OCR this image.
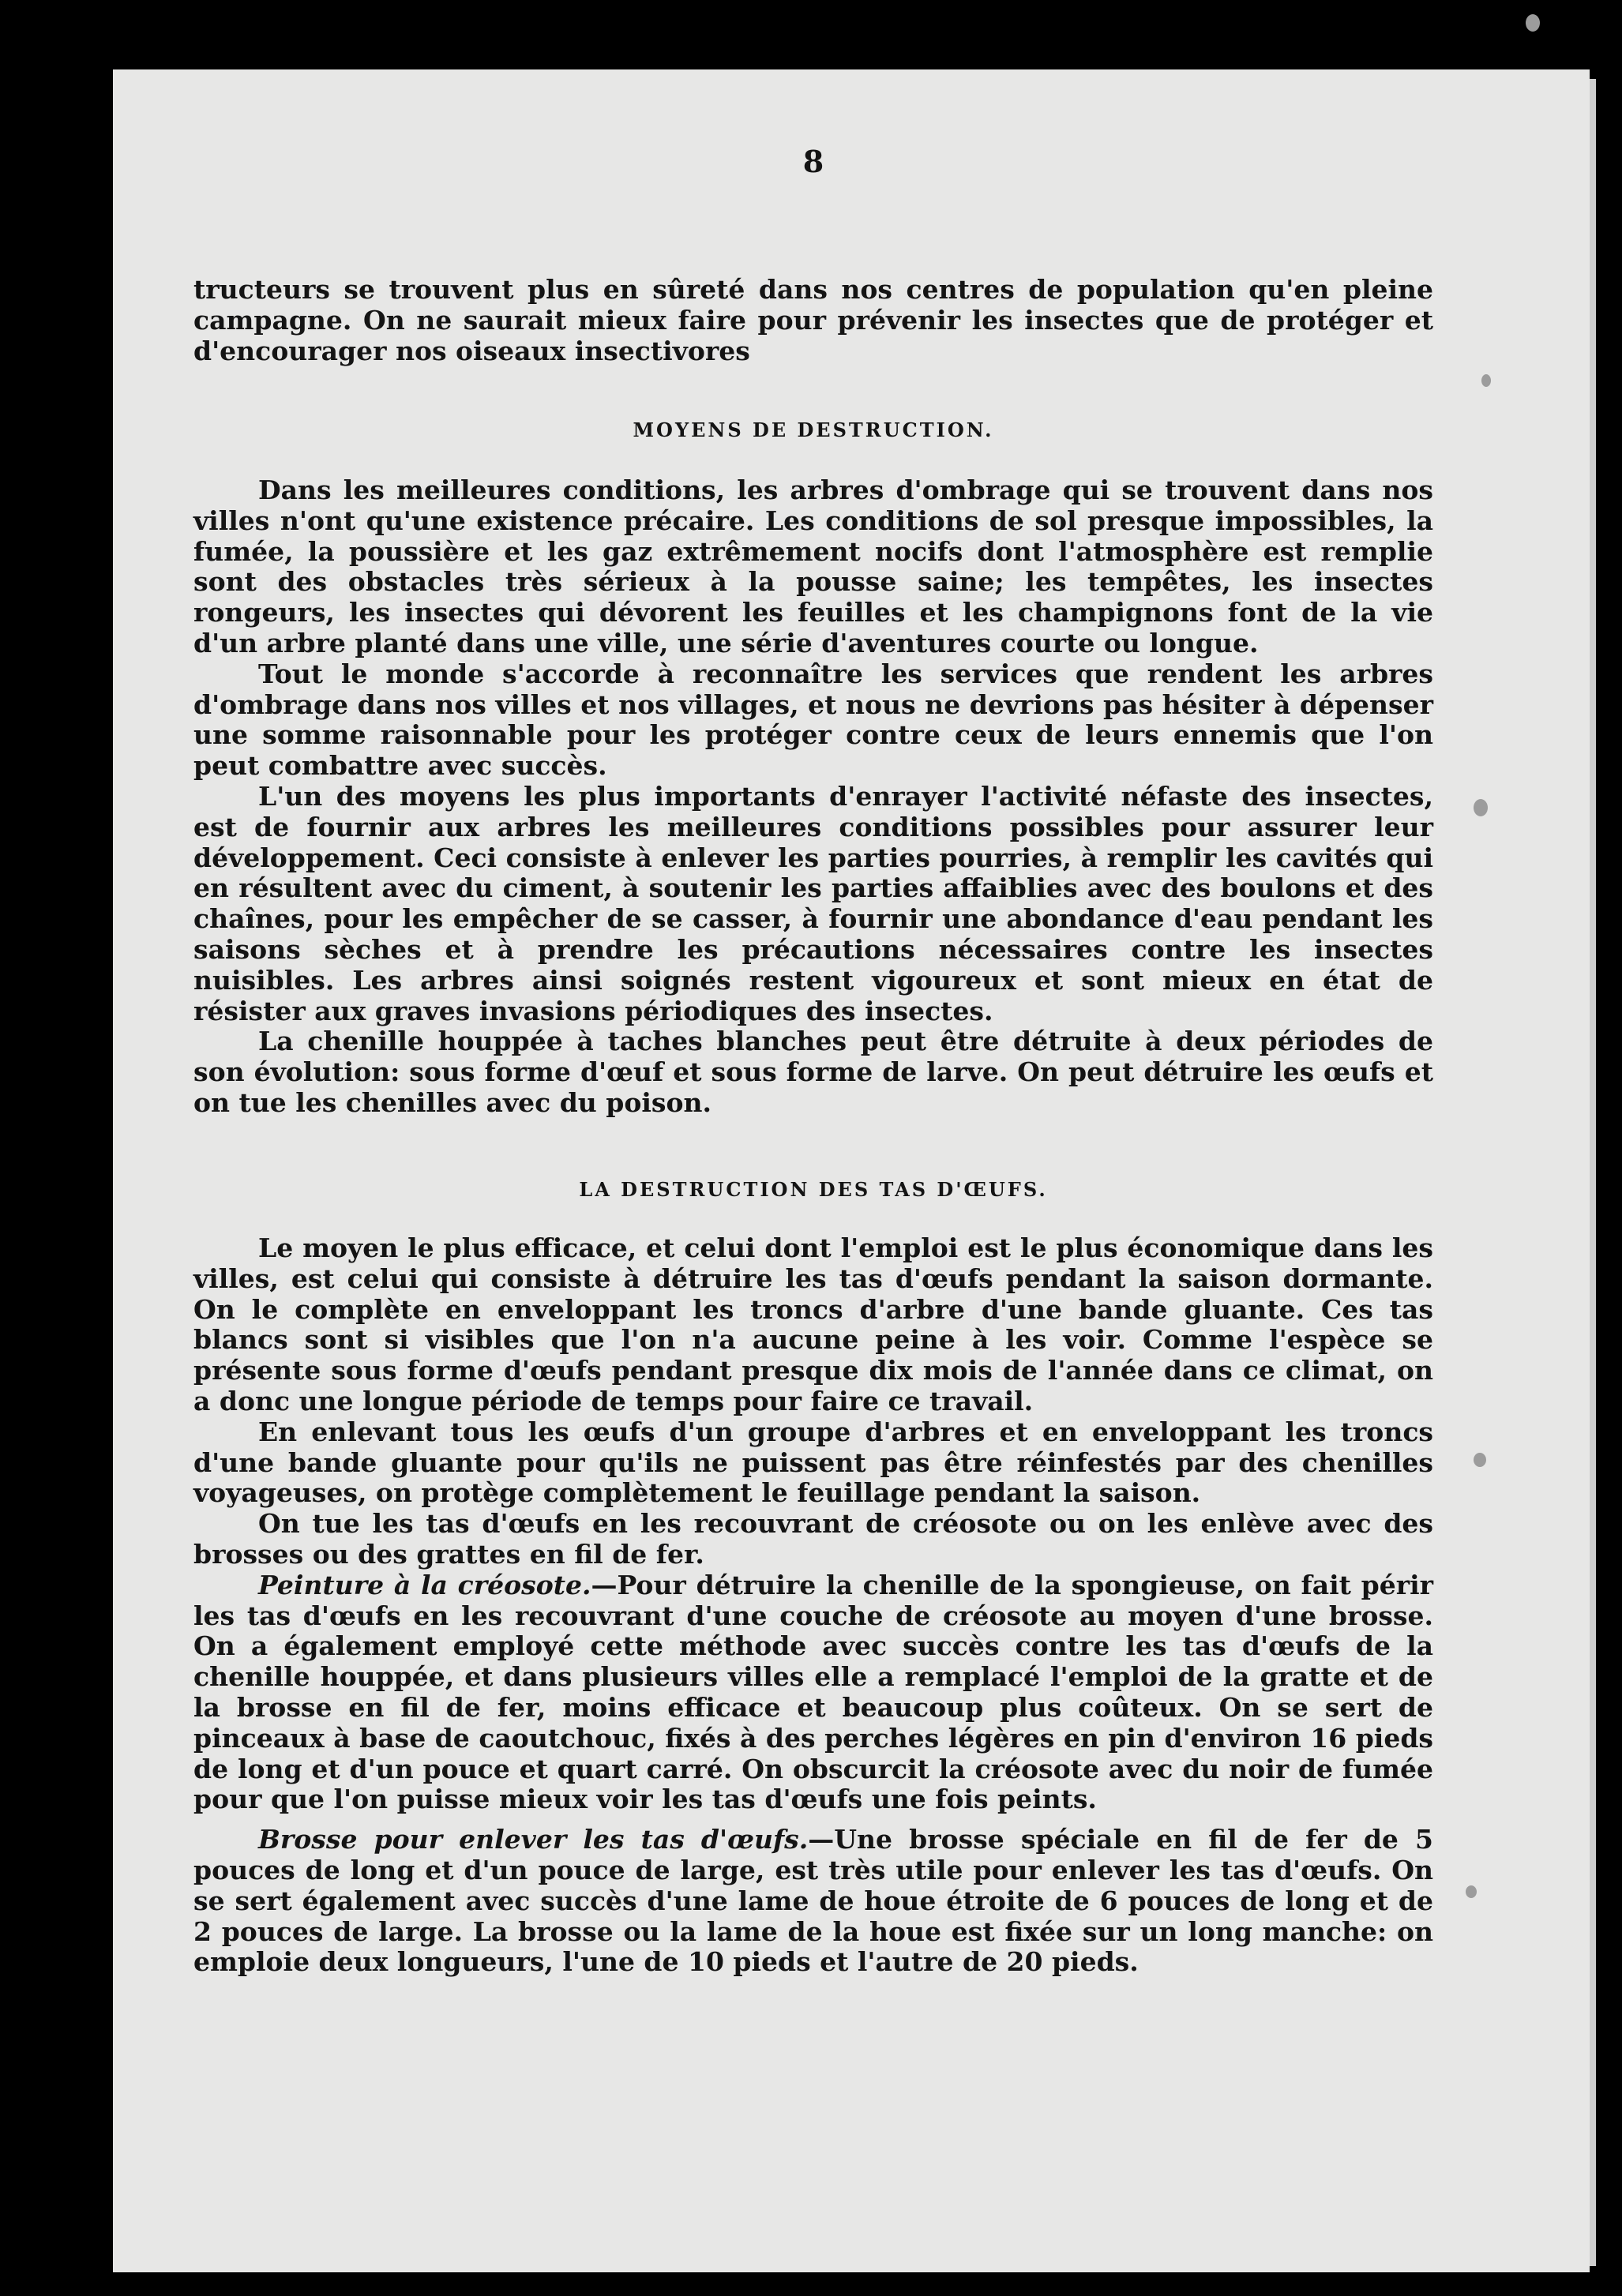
8

tructeurs se trouvent plus en sûreté dans nos centres de population qu'en pleine campagne. On ne saurait mieux faire pour prévenir les insectes que de protéger et d'encourager nos oiseaux insectivores

MOYENS DE DESTRUCTION.

Dans les meilleures conditions, les arbres d'ombrage qui se trouvent dans nos villes n'ont qu'une existence précaire. Les conditions de sol presque impossibles, la fumée, la poussière et les gaz extrêmement nocifs dont l'atmosphère est remplie sont des obstacles très sérieux à la pousse saine; les tempêtes, les insectes rongeurs, les insectes qui dévorent les feuilles et les champignons font de la vie d'un arbre planté dans une ville, une série d'aventures courte ou longue.

Tout le monde s'accorde à reconnaître les services que rendent les arbres d'ombrage dans nos villes et nos villages, et nous ne devrions pas hésiter à dépenser une somme raisonnable pour les protéger contre ceux de leurs ennemis que l'on peut combattre avec succès.

L'un des moyens les plus importants d'enrayer l'activité néfaste des insectes, est de fournir aux arbres les meilleures conditions possibles pour assurer leur développement. Ceci consiste à enlever les parties pourries, à remplir les cavités qui en résultent avec du ciment, à soutenir les parties affaiblies avec des boulons et des chaînes, pour les empêcher de se casser, à fournir une abondance d'eau pendant les saisons sèches et à prendre les précautions nécessaires contre les insectes nuisibles. Les arbres ainsi soignés restent vigoureux et sont mieux en état de résister aux graves invasions périodiques des insectes.

La chenille houppée à taches blanches peut être détruite à deux périodes de son évolution: sous forme d'œuf et sous forme de larve. On peut détruire les œufs et on tue les chenilles avec du poison.

LA DESTRUCTION DES TAS D'ŒUFS.

Le moyen le plus efficace, et celui dont l'emploi est le plus économique dans les villes, est celui qui consiste à détruire les tas d'œufs pendant la saison dormante. On le complète en enveloppant les troncs d'arbre d'une bande gluante. Ces tas blancs sont si visibles que l'on n'a aucune peine à les voir. Comme l'espèce se présente sous forme d'œufs pendant presque dix mois de l'année dans ce climat, on a donc une longue période de temps pour faire ce travail.

En enlevant tous les œufs d'un groupe d'arbres et en enveloppant les troncs d'une bande gluante pour qu'ils ne puissent pas être réinfestés par des chenilles voyageuses, on protège complètement le feuillage pendant la saison.

On tue les tas d'œufs en les recouvrant de créosote ou on les enlève avec des brosses ou des grattes en fil de fer.

Peinture à la créosote.—Pour détruire la chenille de la spongieuse, on fait périr les tas d'œufs en les recouvrant d'une couche de créosote au moyen d'une brosse. On a également employé cette méthode avec succès contre les tas d'œufs de la chenille houppée, et dans plusieurs villes elle a remplacé l'emploi de la gratte et de la brosse en fil de fer, moins efficace et beaucoup plus coûteux. On se sert de pinceaux à base de caoutchouc, fixés à des perches légères en pin d'environ 16 pieds de long et d'un pouce et quart carré. On obscurcit la créosote avec du noir de fumée pour que l'on puisse mieux voir les tas d'œufs une fois peints.

Brosse pour enlever les tas d'œufs.—Une brosse spéciale en fil de fer de 5 pouces de long et d'un pouce de large, est très utile pour enlever les tas d'œufs. On se sert également avec succès d'une lame de houe étroite de 6 pouces de long et de 2 pouces de large. La brosse ou la lame de la houe est fixée sur un long manche: on emploie deux longueurs, l'une de 10 pieds et l'autre de 20 pieds.
